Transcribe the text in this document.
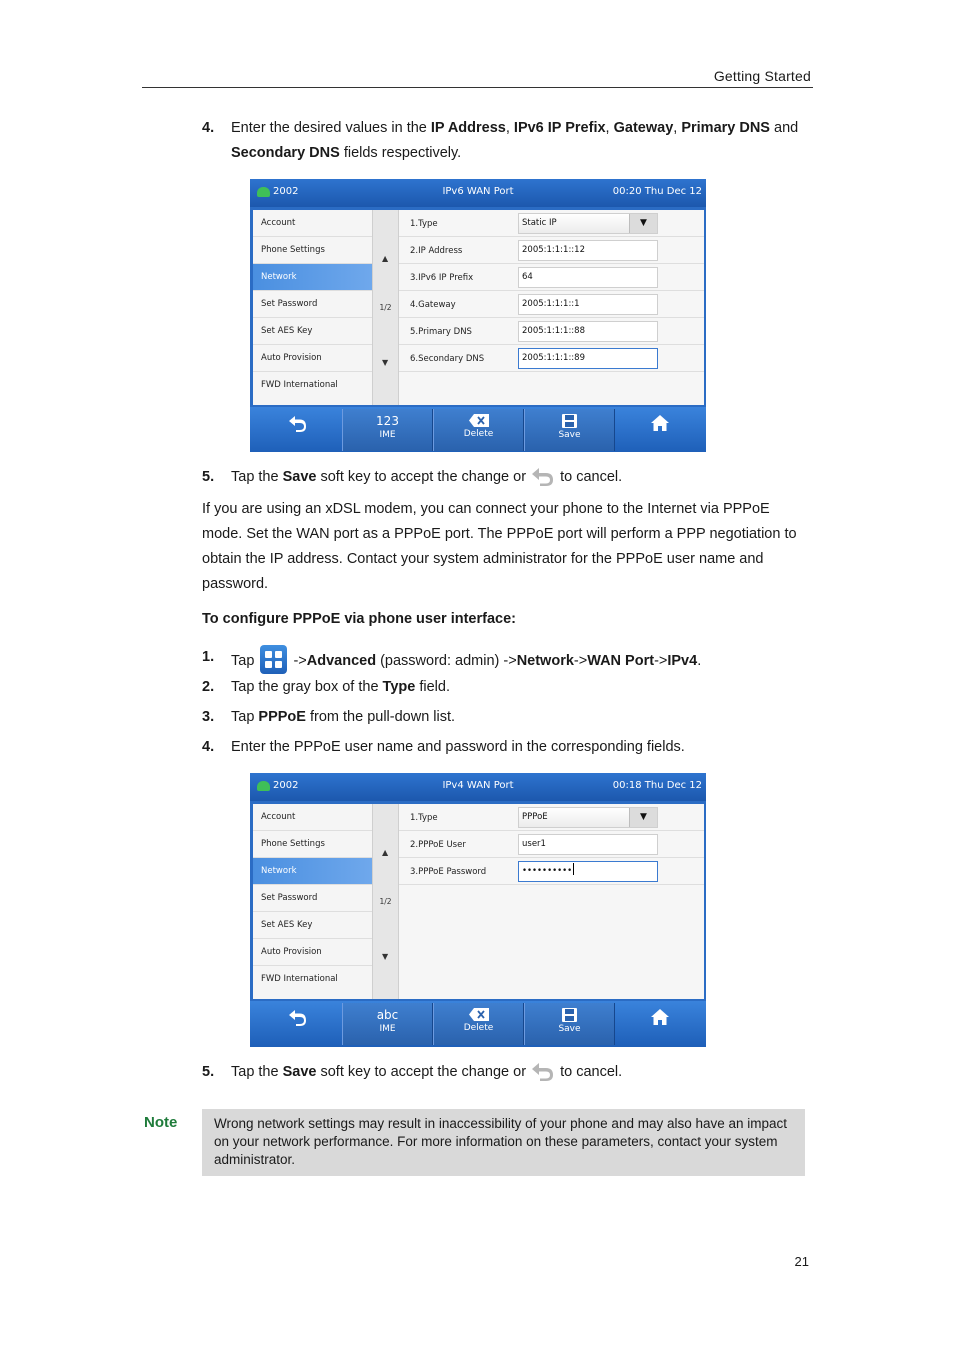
Getting Started
4. Enter the desired values in the IP Address, IPv6 IP Prefix, Gateway, Primary DNS and Secondary DNS fields respectively.
2002	IPv6 WAN Port	00:20 Thu Dec 12
Account
Phone Settings
Network
Set Password
Set AES Key
Auto Provision
FWD International
▲
1/2
▼
1.Type	Static IP	▼
2.IP Address	2005:1:1:1::12
3.IPv6 IP Prefix	64
4.Gateway	2005:1:1:1::1
5.Primary DNS	2005:1:1:1::88
6.Secondary DNS	2005:1:1:1::89
123
IME	Delete	Save
5. Tap the Save soft key to accept the change or  to cancel.
If you are using an xDSL modem, you can connect your phone to the Internet via PPPoE mode. Set the WAN port as a PPPoE port. The PPPoE port will perform a PPP negotiation to obtain the IP address. Contact your system administrator for the PPPoE user name and password.
To configure PPPoE via phone user interface:
1. Tap
->Advanced (password: admin) ->Network->WAN Port->IPv4.
2. Tap the gray box of the Type field.
3. Tap PPPoE from the pull-down list.
4. Enter the PPPoE user name and password in the corresponding fields.
2002	IPv4 WAN Port	00:18 Thu Dec 12
Account
Phone Settings
Network
Set Password
Set AES Key
Auto Provision
FWD International
▲
1/2
▼
1.Type	PPPoE	▼
2.PPPoE User	user1
3.PPPoE Password	••••••••••
abc
IME	Delete	Save
5. Tap the Save soft key to accept the change or  to cancel.
Note	Wrong network settings may result in inaccessibility of your phone and may also have an impact on your network performance. For more information on these parameters, contact your system administrator.
21
